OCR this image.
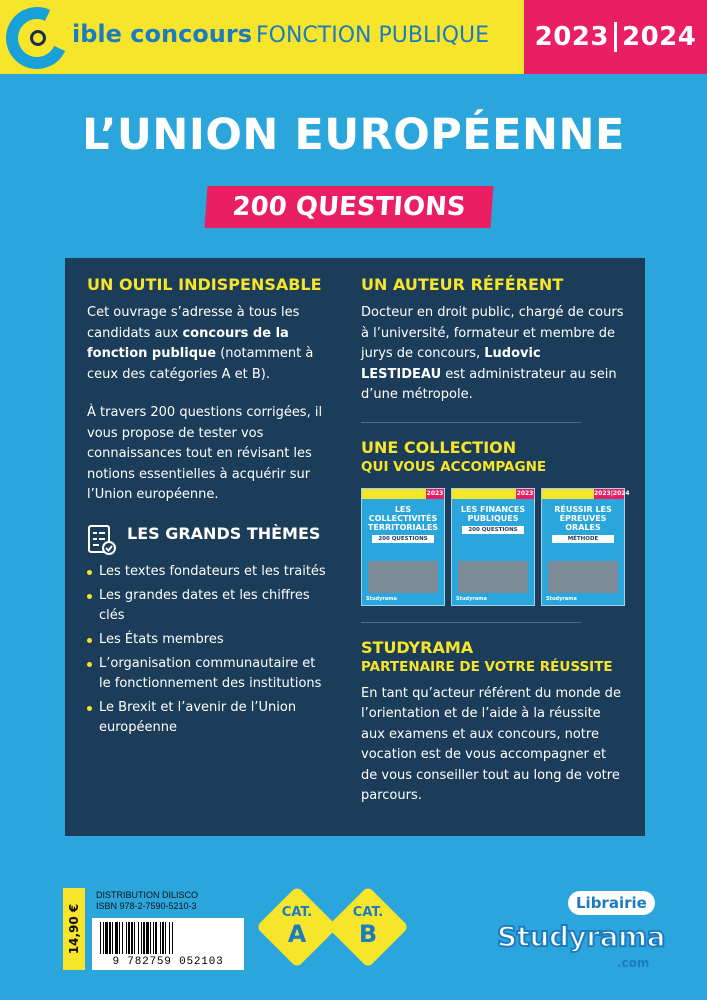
ible concours FONCTION PUBLIQUE 2023 2024
L’UNION EUROPÉENNE
200 QUESTIONS
UN OUTIL INDISPENSABLE
Cet ouvrage s’adresse à tous les candidats aux concours de la fonction publique (notamment à ceux des catégories A et B).
À travers 200 questions corrigées, il vous propose de tester vos connaissances tout en révisant les notions essentielles à acquérir sur l’Union européenne.
LES GRANDS THÈMES
Les textes fondateurs et les traités
Les grandes dates et les chiffres clés
Les États membres
L’organisation communautaire et le fonctionnement des institutions
Le Brexit et l’avenir de l’Union européenne
UN AUTEUR RÉFÉRENT
Docteur en droit public, chargé de cours à l’université, formateur et membre de jurys de concours, Ludovic LESTIDEAU est administrateur au sein d’une métropole.
UNE COLLECTION
QUI VOUS ACCOMPAGNE
2023
LES COLLECTIVITÉS TERRITORIALES
200 QUESTIONS
Studyrama
2023
LES FINANCES PUBLIQUES
200 QUESTIONS
Studyrama
2023|2024
RÉUSSIR LES ÉPREUVES ORALES
MÉTHODE
Studyrama
STUDYRAMA
PARTENAIRE DE VOTRE RÉUSSITE
En tant qu’acteur référent du monde de l’orientation et de l’aide à la réussite aux examens et aux concours, notre vocation est de vous accompagner et de vous conseiller tout au long de votre parcours.
14,90 €
DISTRIBUTION DILISCO
ISBN 978-2-7590-5210-3
9 782759 052103
CAT.
A
CAT.
B
Librairie
Studyrama
.com
